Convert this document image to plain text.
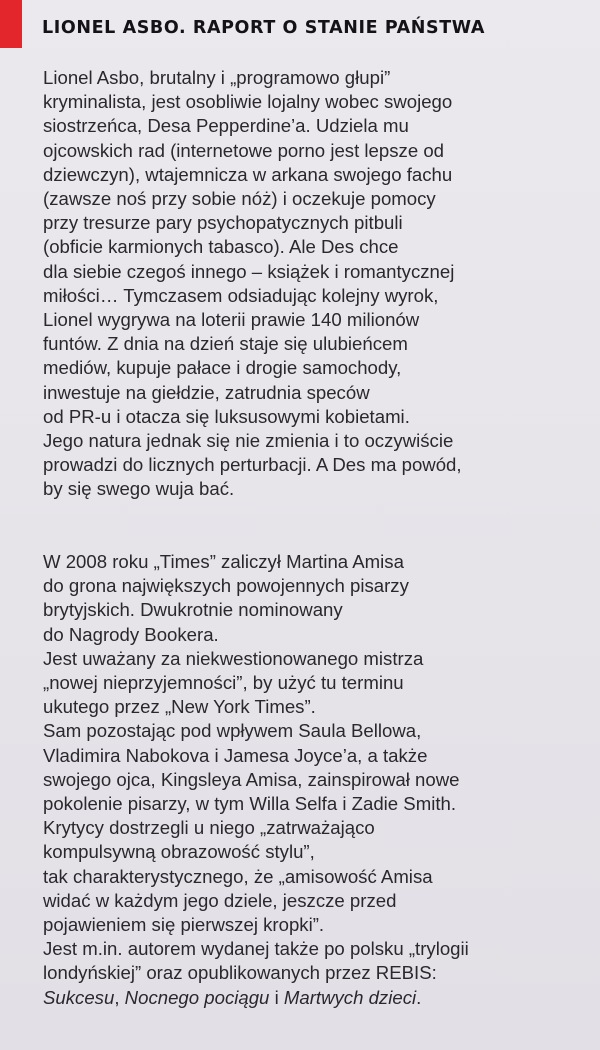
LIONEL ASBO. RAPORT O STANIE PAŃSTWA
Lionel Asbo, brutalny i „programowo głupi”
kryminalista, jest osobliwie lojalny wobec swojego
siostrzeńca, Desa Pepperdine’a. Udziela mu
ojcowskich rad (internetowe porno jest lepsze od
dziewczyn), wtajemnicza w arkana swojego fachu
(zawsze noś przy sobie nóż) i oczekuje pomocy
przy tresurze pary psychopatycznych pitbuli
(obficie karmionych tabasco). Ale Des chce
dla siebie czegoś innego – książek i romantycznej
miłości… Tymczasem odsiadując kolejny wyrok,
Lionel wygrywa na loterii prawie 140 milionów
funtów. Z dnia na dzień staje się ulubieńcem
mediów, kupuje pałace i drogie samochody,
inwestuje na giełdzie, zatrudnia speców
od PR-u i otacza się luksusowymi kobietami.
Jego natura jednak się nie zmienia i to oczywiście
prowadzi do licznych perturbacji. A Des ma powód,
by się swego wuja bać.
W 2008 roku „Times” zaliczył Martina Amisa
do grona największych powojennych pisarzy
brytyjskich. Dwukrotnie nominowany
do Nagrody Bookera.
Jest uważany za niekwestionowanego mistrza
„nowej nieprzyjemności”, by użyć tu terminu
ukutego przez „New York Times”.
Sam pozostając pod wpływem Saula Bellowa,
Vladimira Nabokova i Jamesa Joyce’a, a także
swojego ojca, Kingsleya Amisa, zainspirował nowe
pokolenie pisarzy, w tym Willa Selfa i Zadie Smith.
Krytycy dostrzegli u niego „zatrważająco
kompulsywną obrazowość stylu”,
tak charakterystycznego, że „amisowość Amisa
widać w każdym jego dziele, jeszcze przed
pojawieniem się pierwszej kropki”.
Jest m.in. autorem wydanej także po polsku „trylogii
londyńskiej” oraz opublikowanych przez REBIS:
Sukcesu, Nocnego pociągu i Martwych dzieci.
